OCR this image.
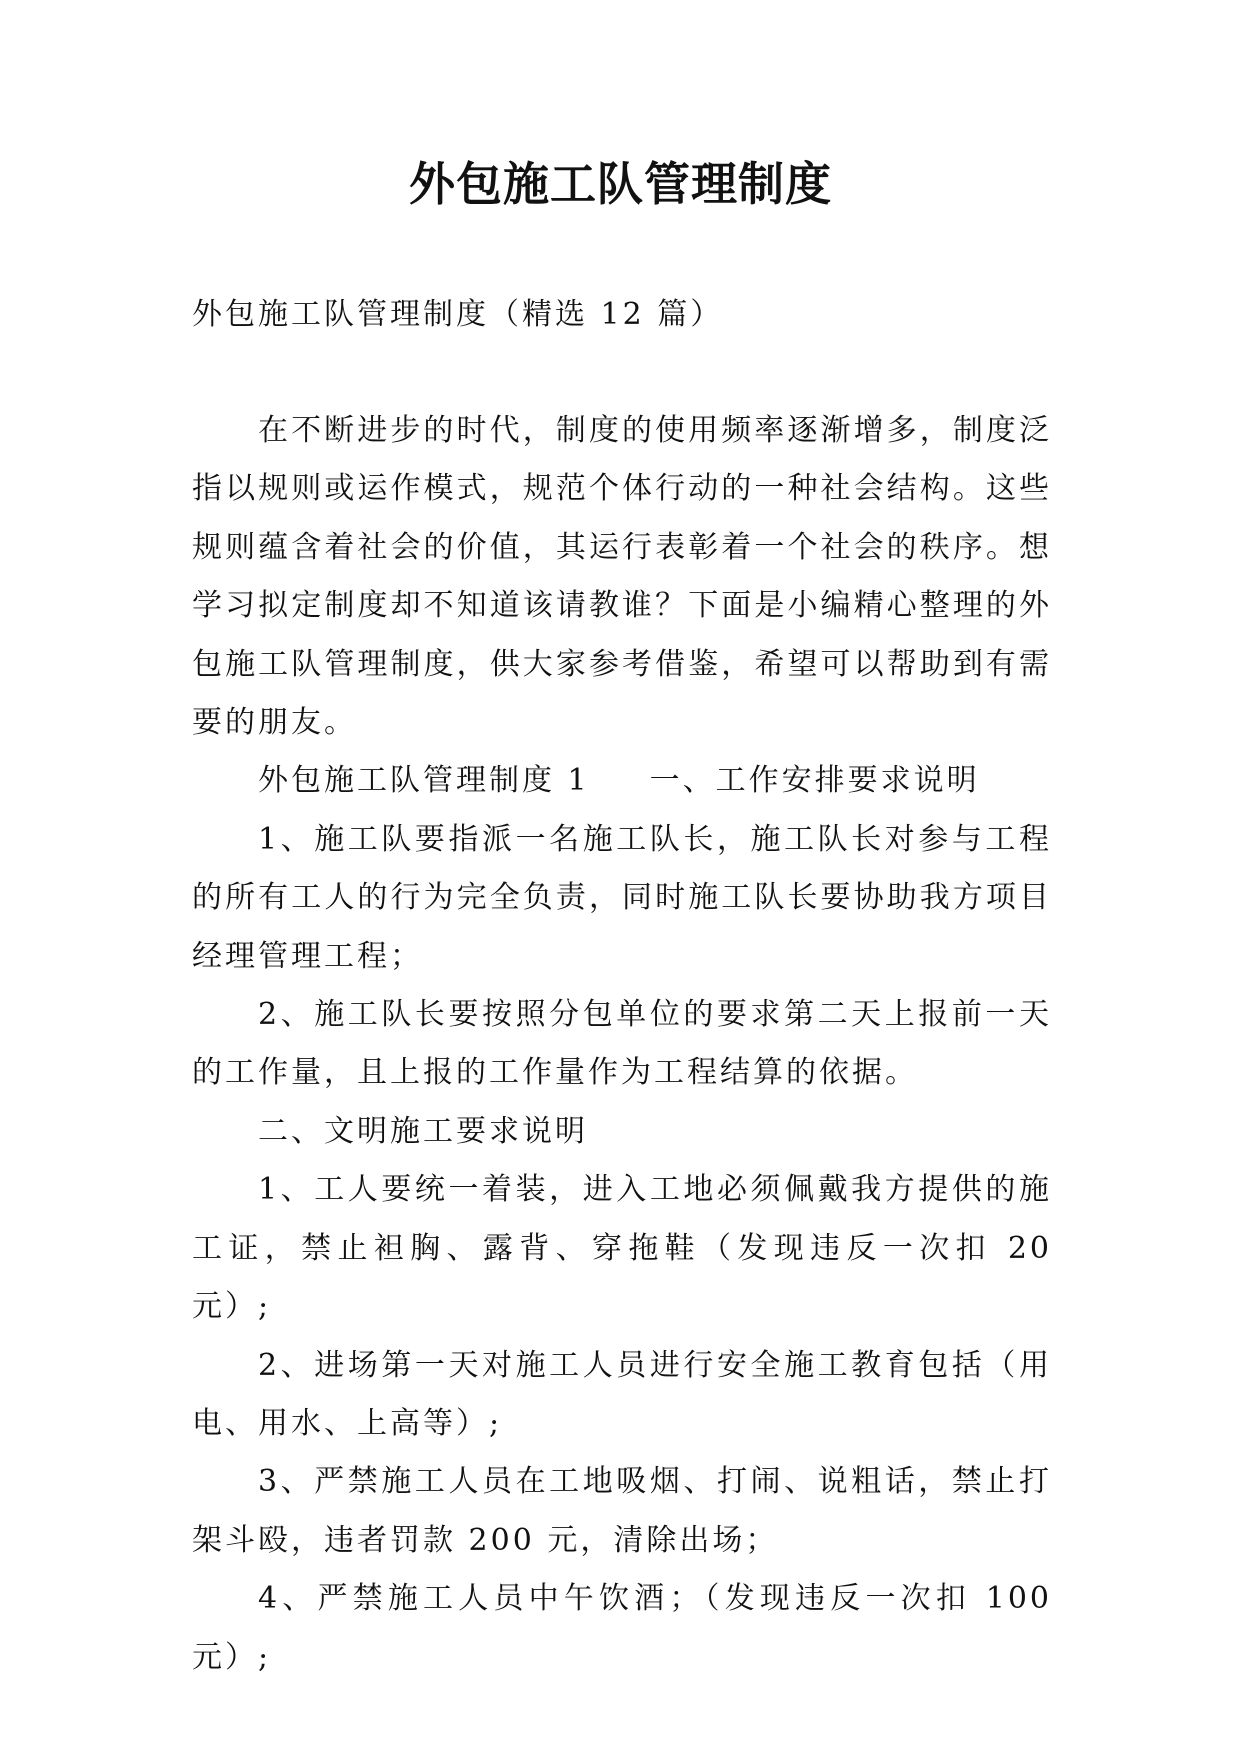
外包施工队管理制度
外包施工队管理制度（精选 12 篇）

在不断进步的时代，制度的使用频率逐渐增多，制度泛指以规则或运作模式，规范个体行动的一种社会结构。这些规则蕴含着社会的价值，其运行表彰着一个社会的秩序。想学习拟定制度却不知道该请教谁？下面是小编精心整理的外包施工队管理制度，供大家参考借鉴，希望可以帮助到有需要的朋友。

外包施工队管理制度 1 一、工作安排要求说明

1、施工队要指派一名施工队长，施工队长对参与工程的所有工人的行为完全负责，同时施工队长要协助我方项目经理管理工程；

2、施工队长要按照分包单位的要求第二天上报前一天的工作量，且上报的工作量作为工程结算的依据。

二、文明施工要求说明

1、工人要统一着装，进入工地必须佩戴我方提供的施工证，禁止袒胸、露背、穿拖鞋（发现违反一次扣 20 元）;

2、进场第一天对施工人员进行安全施工教育包括（用电、用水、上高等）;

3、严禁施工人员在工地吸烟、打闹、说粗话，禁止打架斗殴，违者罚款 200 元，清除出场；

4、严禁施工人员中午饮酒；（发现违反一次扣 100 元）;
